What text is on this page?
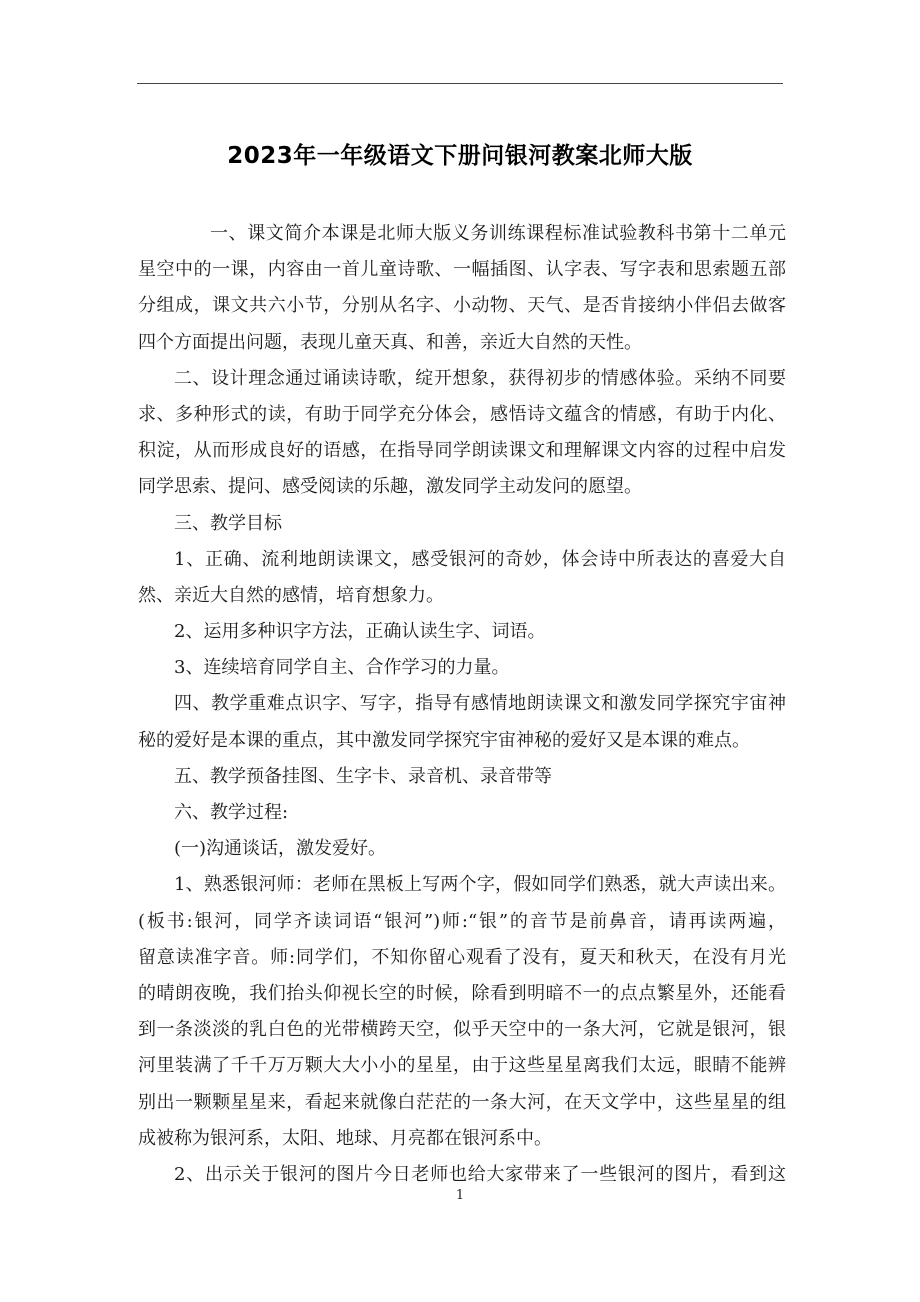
2023年一年级语文下册问银河教案北师大版
一、课文简介本课是北师大版义务训练课程标准试验教科书第十二单元
星空中的一课，内容由一首儿童诗歌、一幅插图、认字表、写字表和思索题五部
分组成，课文共六小节，分别从名字、小动物、天气、是否肯接纳小伴侣去做客
四个方面提出问题，表现儿童天真、和善，亲近大自然的天性。
二、设计理念通过诵读诗歌，绽开想象，获得初步的情感体验。采纳不同要
求、多种形式的读，有助于同学充分体会，感悟诗文蕴含的情感，有助于内化、
积淀，从而形成良好的语感，在指导同学朗读课文和理解课文内容的过程中启发
同学思索、提问、感受阅读的乐趣，激发同学主动发问的愿望。
三、教学目标
1、正确、流利地朗读课文，感受银河的奇妙，体会诗中所表达的喜爱大自
然、亲近大自然的感情，培育想象力。
2、运用多种识字方法，正确认读生字、词语。
3、连续培育同学自主、合作学习的力量。
四、教学重难点识字、写字，指导有感情地朗读课文和激发同学探究宇宙神
秘的爱好是本课的重点，其中激发同学探究宇宙神秘的爱好又是本课的难点。
五、教学预备挂图、生字卡、录音机、录音带等
六、教学过程:
(一)沟通谈话，激发爱好。
1、熟悉银河师：老师在黑板上写两个字，假如同学们熟悉，就大声读出来。
(板书:银河，同学齐读词语“银河”)师:“银”的音节是前鼻音，请再读两遍，
留意读准字音。师:同学们，不知你留心观看了没有，夏天和秋天，在没有月光
的晴朗夜晚，我们抬头仰视长空的时候，除看到明暗不一的点点繁星外，还能看
到一条淡淡的乳白色的光带横跨天空，似乎天空中的一条大河，它就是银河，银
河里装满了千千万万颗大大小小的星星，由于这些星星离我们太远，眼睛不能辨
别出一颗颗星星来，看起来就像白茫茫的一条大河，在天文学中，这些星星的组
成被称为银河系，太阳、地球、月亮都在银河系中。
2、出示关于银河的图片今日老师也给大家带来了一些银河的图片，看到这
1
